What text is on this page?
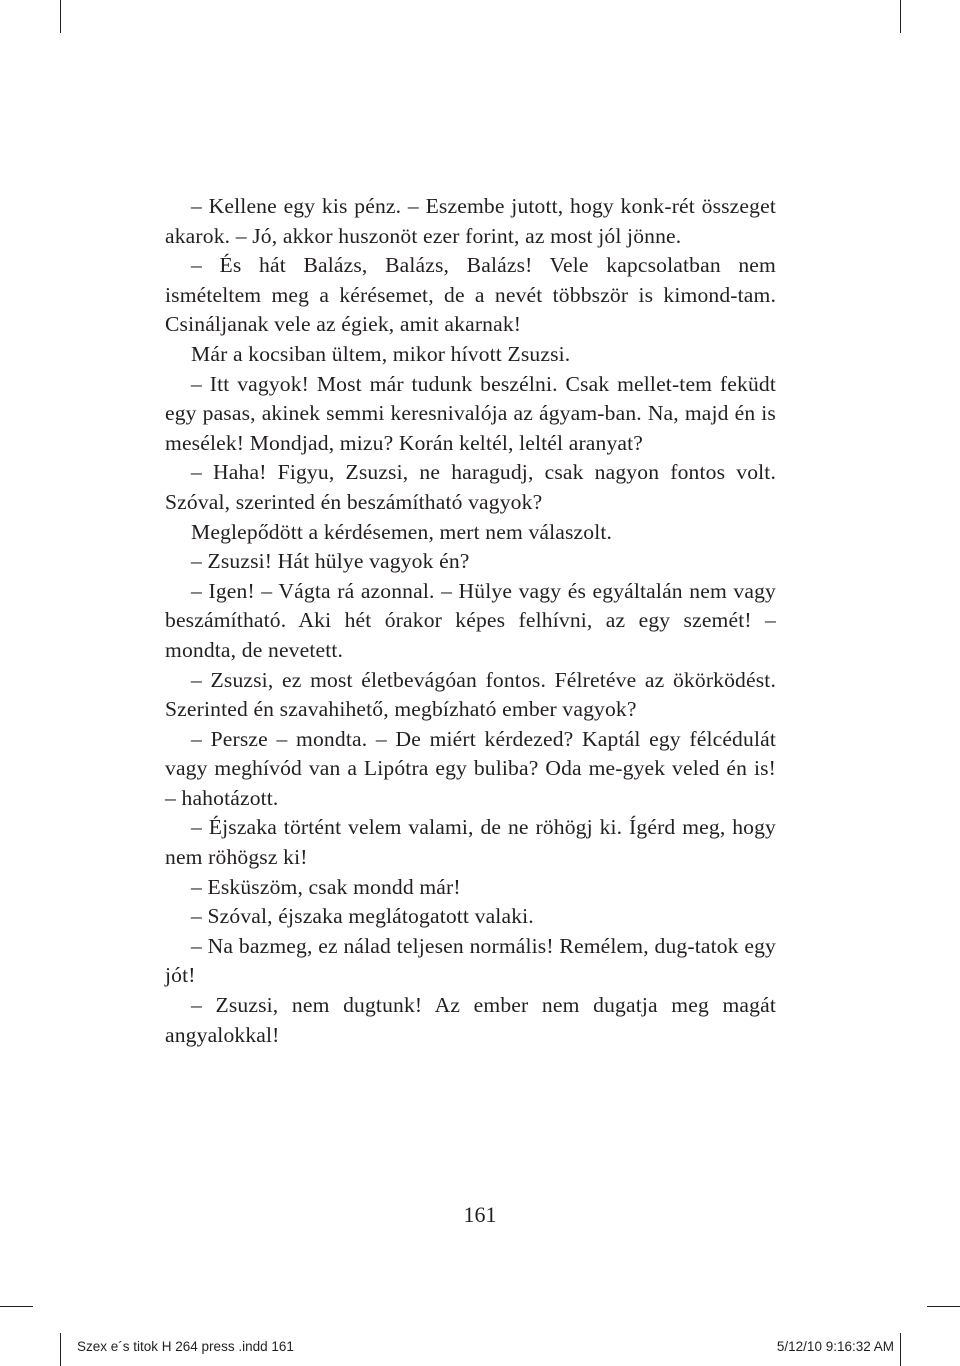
– Kellene egy kis pénz. – Eszembe jutott, hogy konk-rét összeget akarok. – Jó, akkor huszonöt ezer forint, az most jól jönne.

– És hát Balázs, Balázs, Balázs! Vele kapcsolatban nem ismételtem meg a kérésemet, de a nevét többször is kimond-tam. Csináljanak vele az égiek, amit akarnak!

Már a kocsiban ültem, mikor hívott Zsuzsi.

– Itt vagyok! Most már tudunk beszélni. Csak mellet-tem feküdt egy pasas, akinek semmi keresnivalója az ágyam-ban. Na, majd én is mesélek! Mondjad, mizu? Korán keltél, leltél aranyat?

– Haha! Figyu, Zsuzsi, ne haragudj, csak nagyon fontos volt. Szóval, szerinted én beszámítható vagyok?

Meglepődött a kérdésemen, mert nem válaszolt.

– Zsuzsi! Hát hülye vagyok én?

– Igen! – Vágta rá azonnal. – Hülye vagy és egyáltalán nem vagy beszámítható. Aki hét órakor képes felhívni, az egy szemét! – mondta, de nevetett.

– Zsuzsi, ez most életbevágóan fontos. Félretéve az ökörködést. Szerinted én szavahihető, megbízható ember vagyok?

– Persze – mondta. – De miért kérdezed? Kaptál egy félcédulát vagy meghívód van a Lipótra egy buliba? Oda me-gyek veled én is! – hahotázott.

– Éjszaka történt velem valami, de ne röhögj ki. Ígérd meg, hogy nem röhögsz ki!

– Esküszöm, csak mondd már!

– Szóval, éjszaka meglátogatott valaki.

– Na bazmeg, ez nálad teljesen normális! Remélem, dug-tatok egy jót!

– Zsuzsi, nem dugtunk! Az ember nem dugatja meg magát angyalokkal!

161
Szex e´s titok H 264 press .indd 161	5/12/10 9:16:32 AM
